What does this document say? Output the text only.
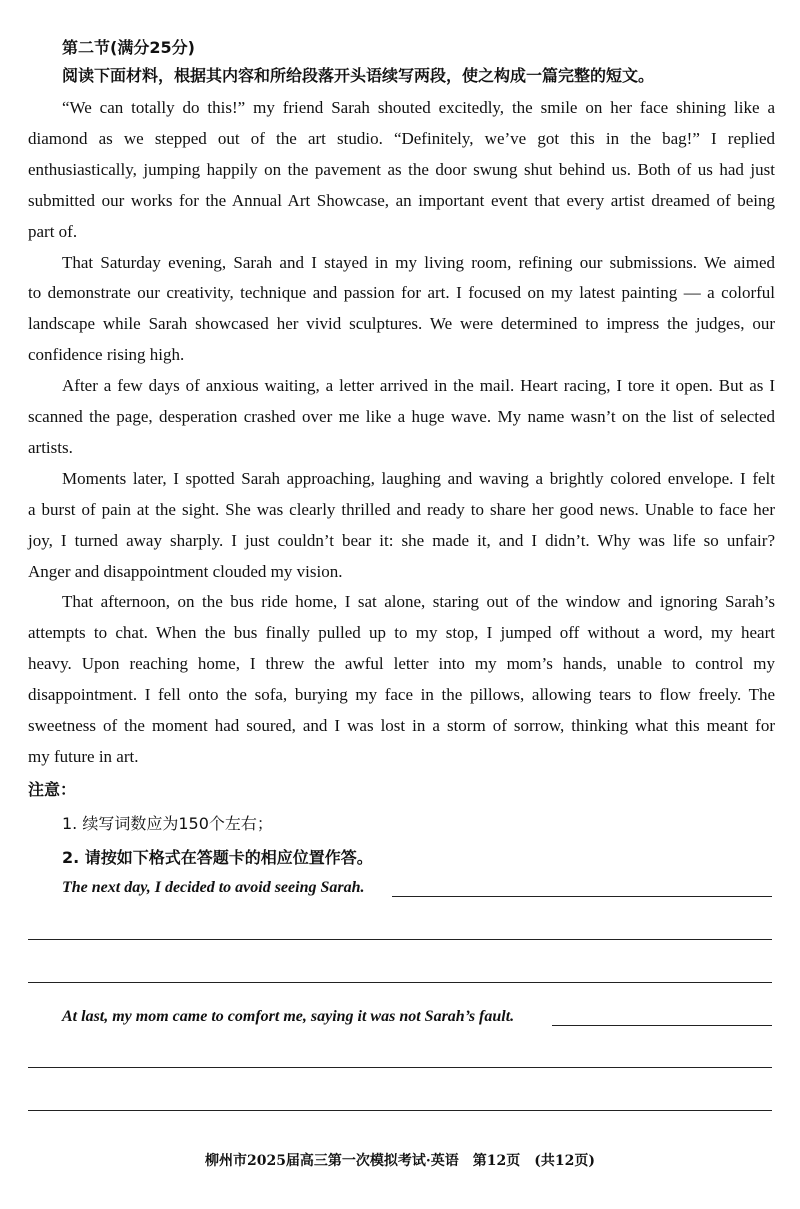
第二节(满分25分)
阅读下面材料，根据其内容和所给段落开头语续写两段，使之构成一篇完整的短文。
“We can totally do this!” my friend Sarah shouted excitedly, the smile on her face shining like a
diamond as we stepped out of the art studio. “Definitely, we’ve got this in the bag!” I replied
enthusiastically, jumping happily on the pavement as the door swung shut behind us. Both of us had just
submitted our works for the Annual Art Showcase, an important event that every artist dreamed of being
part of.
That Saturday evening, Sarah and I stayed in my living room, refining our submissions. We aimed
to demonstrate our creativity, technique and passion for art. I focused on my latest painting — a colorful
landscape while Sarah showcased her vivid sculptures. We were determined to impress the judges, our
confidence rising high.
After a few days of anxious waiting, a letter arrived in the mail. Heart racing, I tore it open. But as I
scanned the page, desperation crashed over me like a huge wave. My name wasn’t on the list of selected
artists.
Moments later, I spotted Sarah approaching, laughing and waving a brightly colored envelope. I felt
a burst of pain at the sight. She was clearly thrilled and ready to share her good news. Unable to face her
joy, I turned away sharply. I just couldn’t bear it: she made it, and I didn’t. Why was life so unfair?
Anger and disappointment clouded my vision.
That afternoon, on the bus ride home, I sat alone, staring out of the window and ignoring Sarah’s
attempts to chat. When the bus finally pulled up to my stop, I jumped off without a word, my heart
heavy. Upon reaching home, I threw the awful letter into my mom’s hands, unable to control my
disappointment. I fell onto the sofa, burying my face in the pillows, allowing tears to flow freely. The
sweetness of the moment had soured, and I was lost in a storm of sorrow, thinking what this meant for
my future in art.
注意：
1. 续写词数应为150个左右；
2. 请按如下格式在答题卡的相应位置作答。
The next day, I decided to avoid seeing Sarah.
At last, my mom came to comfort me, saying it was not Sarah’s fault.
柳州市2025届高三第一次模拟考试·英语　第12页　(共12页)
